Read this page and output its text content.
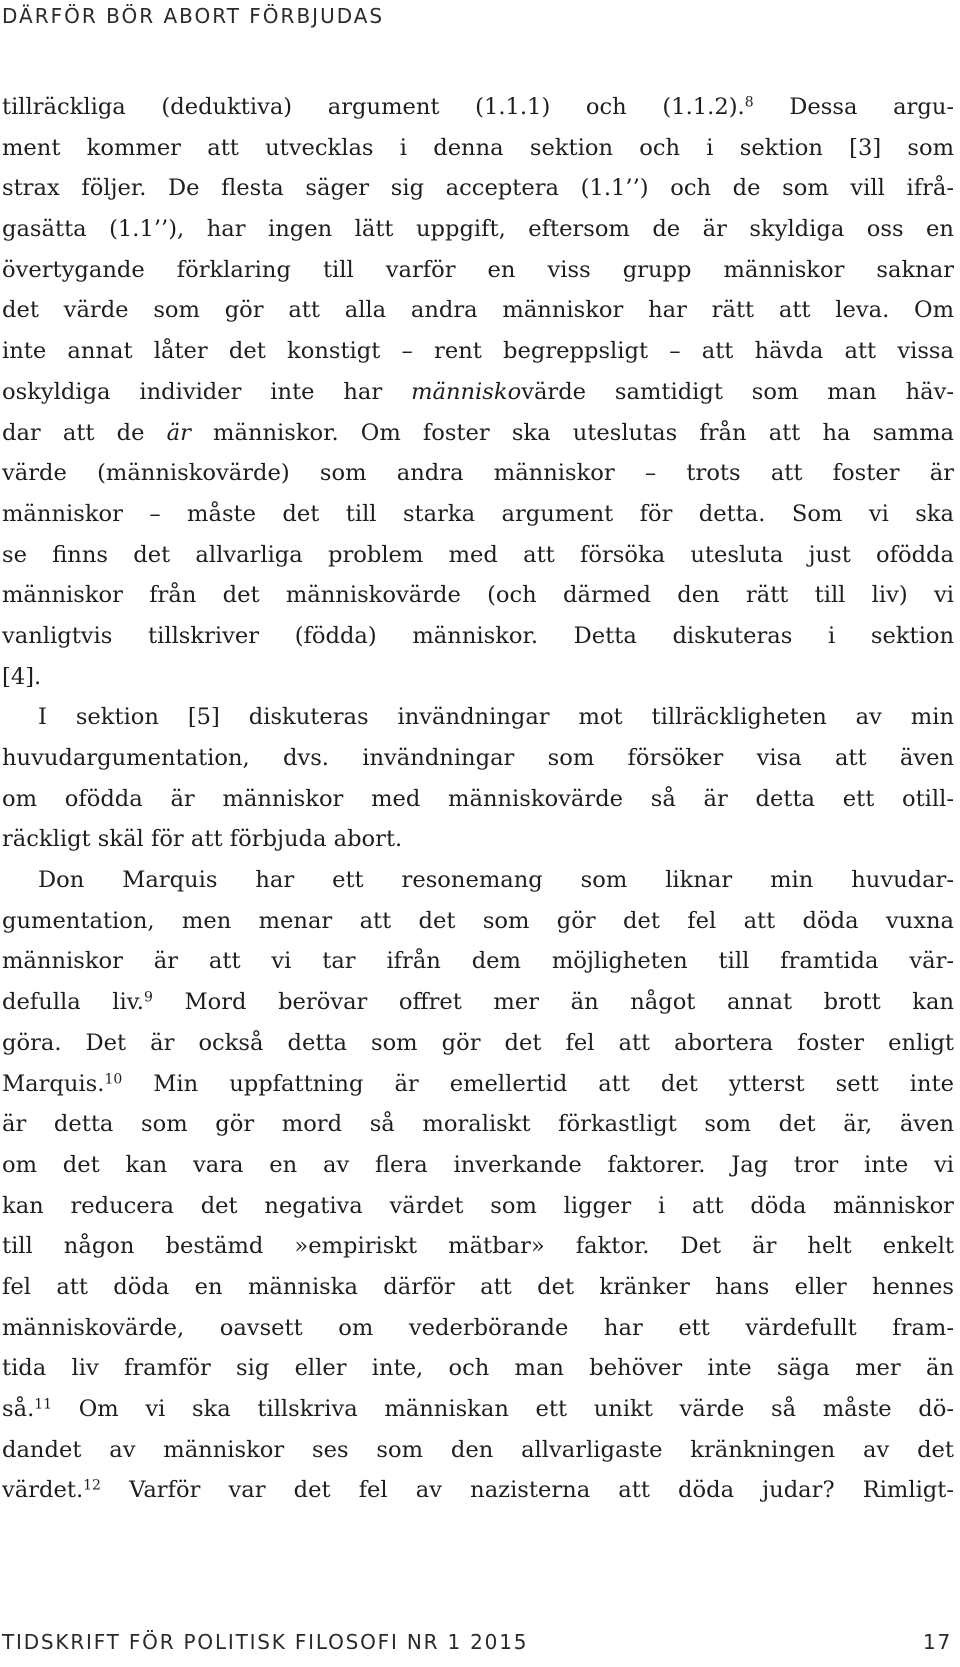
DÄRFÖR BÖR ABORT FÖRBJUDAS
tillräckliga (deduktiva) argument (1.1.1) och (1.1.2).$^8$ Dessa argu-
ment kommer att utvecklas i denna sektion och i sektion [3] som
strax följer. De flesta säger sig acceptera (1.1’’) och de som vill ifrå-
gasätta (1.1’’), har ingen lätt uppgift, eftersom de är skyldiga oss en
övertygande förklaring till varför en viss grupp människor saknar
det värde som gör att alla andra människor har rätt att leva. Om
inte annat låter det konstigt – rent begreppsligt – att hävda att vissa
oskyldiga individer inte har människovärde samtidigt som man häv-
dar att de är människor. Om foster ska uteslutas från att ha samma
värde (människovärde) som andra människor – trots att foster är
människor – måste det till starka argument för detta. Som vi ska
se finns det allvarliga problem med att försöka utesluta just ofödda
människor från det människovärde (och därmed den rätt till liv) vi
vanligtvis tillskriver (födda) människor. Detta diskuteras i sektion
[4].
I sektion [5] diskuteras invändningar mot tillräckligheten av min
huvudargumentation, dvs. invändningar som försöker visa att även
om ofödda är människor med människovärde så är detta ett otill-
räckligt skäl för att förbjuda abort.
Don Marquis har ett resonemang som liknar min huvudar-
gumentation, men menar att det som gör det fel att döda vuxna
människor är att vi tar ifrån dem möjligheten till framtida vär-
defulla liv.$^9$ Mord berövar offret mer än något annat brott kan
göra. Det är också detta som gör det fel att abortera foster enligt
Marquis.$^{10}$ Min uppfattning är emellertid att det ytterst sett inte
är detta som gör mord så moraliskt förkastligt som det är, även
om det kan vara en av flera inverkande faktorer. Jag tror inte vi
kan reducera det negativa värdet som ligger i att döda människor
till någon bestämd »empiriskt mätbar» faktor. Det är helt enkelt
fel att döda en människa därför att det kränker hans eller hennes
människovärde, oavsett om vederbörande har ett värdefullt fram-
tida liv framför sig eller inte, och man behöver inte säga mer än
så.$^{11}$ Om vi ska tillskriva människan ett unikt värde så måste dö-
dandet av människor ses som den allvarligaste kränkningen av det
värdet.$^{12}$ Varför var det fel av nazisterna att döda judar? Rimligt-
TIDSKRIFT FÖR POLITISK FILOSOFI NR 1 2015	17
